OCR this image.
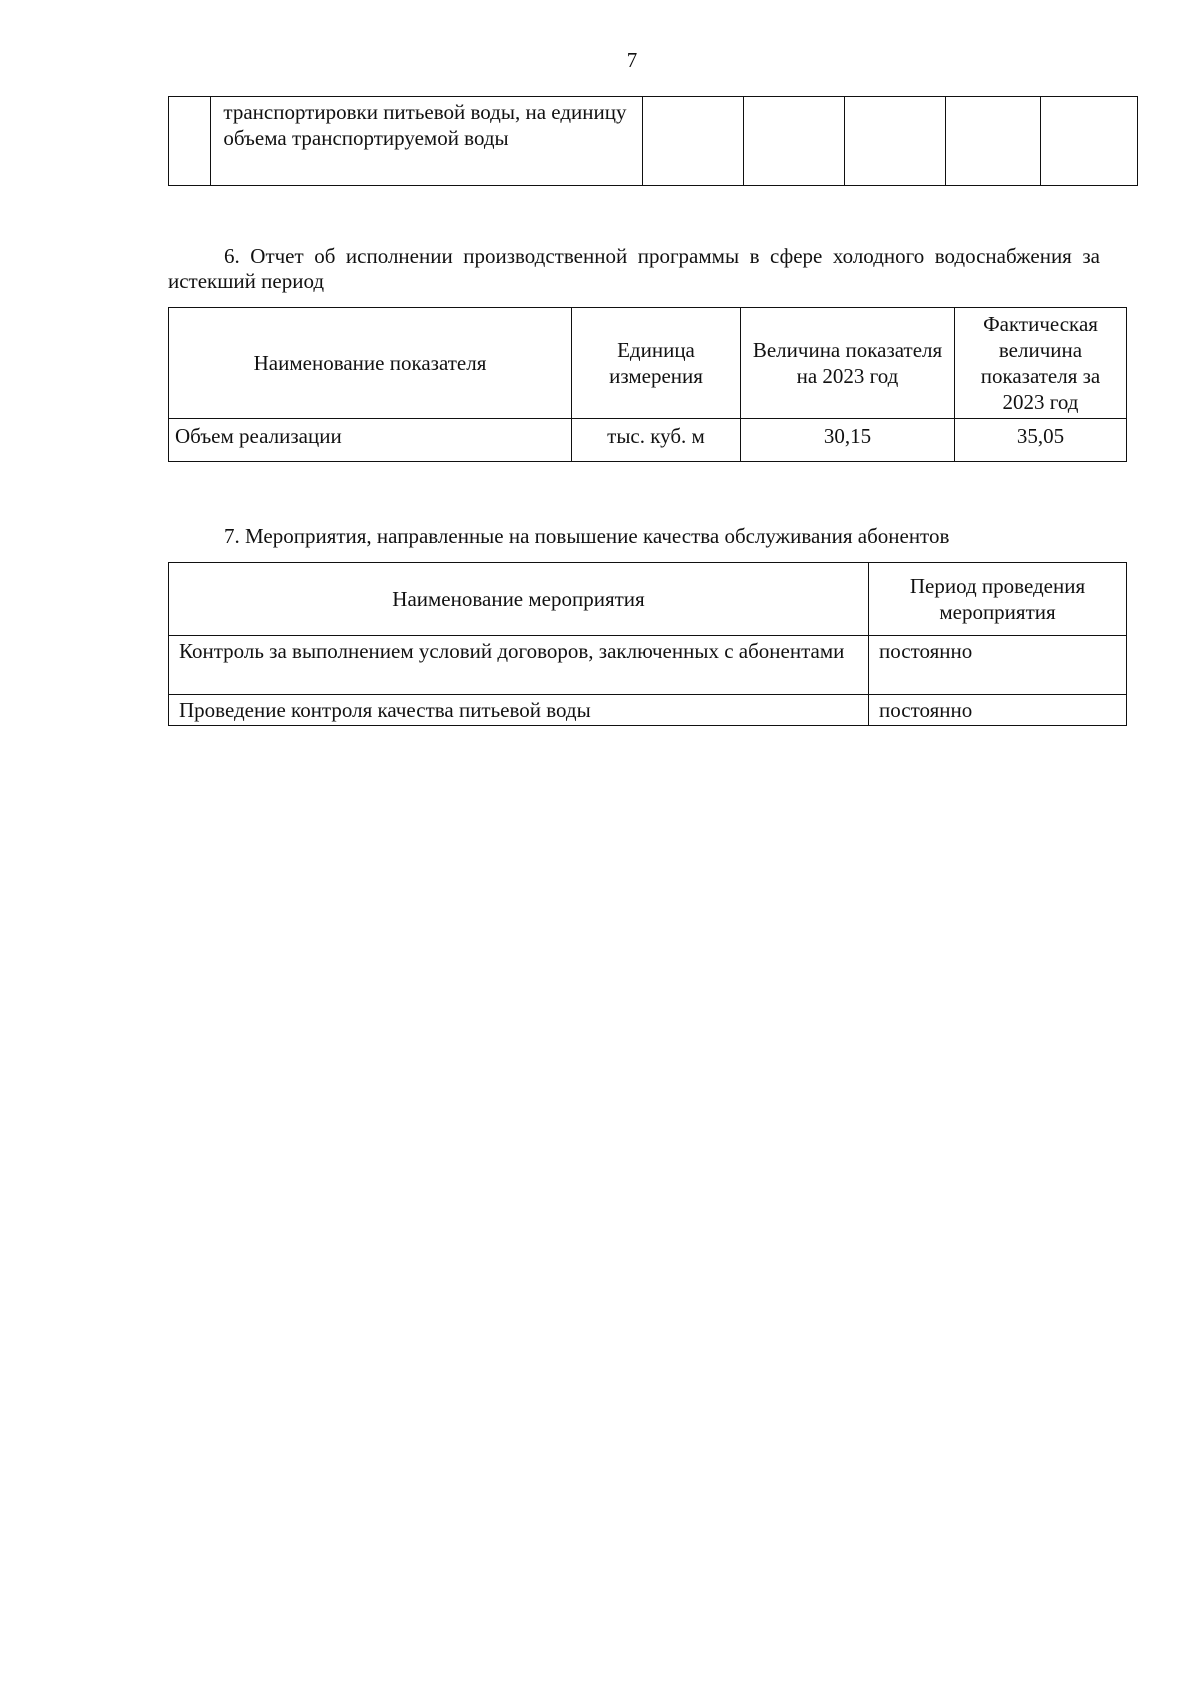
7
	транспортировки питьевой воды, на единицу объема транспортируемой воды					
6. Отчет об исполнении производственной программы в сфере холодного водоснабжения за истекший период
Наименование показателя	Единица измерения	Величина показателя на 2023 год	Фактическая величина показателя за 2023 год
Объем реализации	тыс. куб. м	30,15	35,05
7. Мероприятия, направленные на повышение качества обслуживания абонентов
Наименование мероприятия	Период проведения мероприятия
Контроль за выполнением условий договоров, заключенных с абонентами	постоянно
Проведение контроля качества питьевой воды	постоянно
